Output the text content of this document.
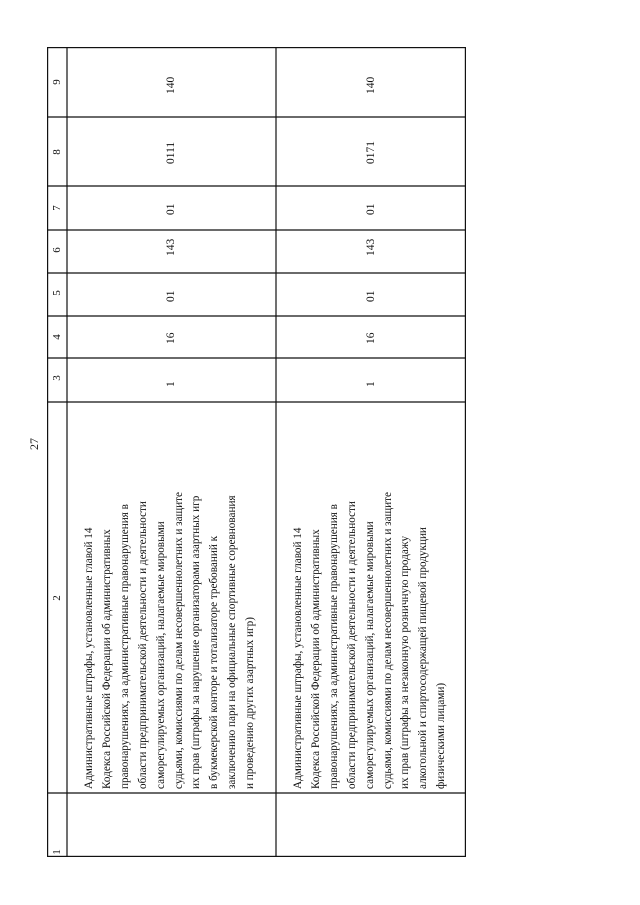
27
1
2
3
4
5
6
7
8
9
Административные штрафы, установленные главой 14 Кодекса Российской Федерации об административных правонарушениях, за административные правонарушения в области предпринимательской деятельности и деятельности саморегулируемых организаций, налагаемые мировыми судьями, комиссиями по делам несовершеннолетних и защите их прав (штрафы за нарушение организаторами азартных игр в букмекерской конторе и тотализаторе требований к заключению пари на официальные спортивные соревнования и проведению других азартных игр)
1
16
01
143
01
0111
140
Административные штрафы, установленные главой 14 Кодекса Российской Федерации об административных правонарушениях, за административные правонарушения в области предпринимательской деятельности и деятельности саморегулируемых организаций, налагаемые мировыми судьями, комиссиями по делам несовершеннолетних и защите их прав (штрафы за незаконную розничную продажу алкогольной и спиртосодержащей пищевой продукции физическими лицами)
1
16
01
143
01
0171
140
